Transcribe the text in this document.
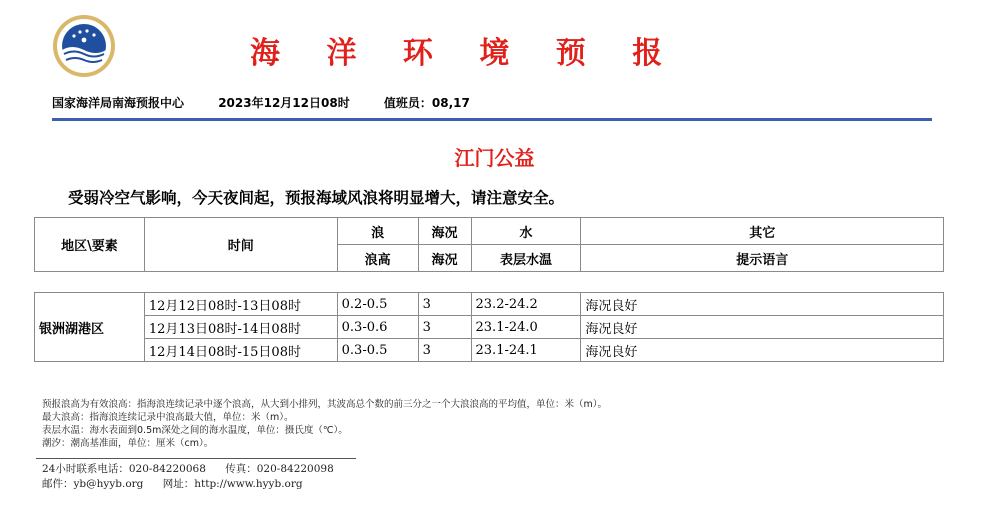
海 洋 环 境 预 报
国家海洋局南海预报中心	2023年12月12日08时	值班员：08,17
江门公益
受弱冷空气影响，今天夜间起，预报海域风浪将明显增大，请注意安全。
地区\要素	时间	浪	海况	水	其它
		浪高	海况	表层水温	提示语言
银洲湖港区	12月12日08时-13日08时	0.2-0.5	3	23.2-24.2	海况良好
	12月13日08时-14日08时	0.3-0.6	3	23.1-24.0	海况良好
	12月14日08时-15日08时	0.3-0.5	3	23.1-24.1	海况良好
预报浪高为有效浪高：指海浪连续记录中逐个浪高，从大到小排列，其波高总个数的前三分之一个大浪浪高的平均值，单位：米（m）。
最大浪高：指海浪连续记录中浪高最大值，单位：米（m）。
表层水温：海水表面到0.5m深处之间的海水温度，单位：摄氏度（℃）。
潮汐：潮高基准面，单位：厘米（cm）。
24小时联系电话：020-84220068 传真：020-84220098
邮件：yb@hyyb.org 网址：http://www.hyyb.org
